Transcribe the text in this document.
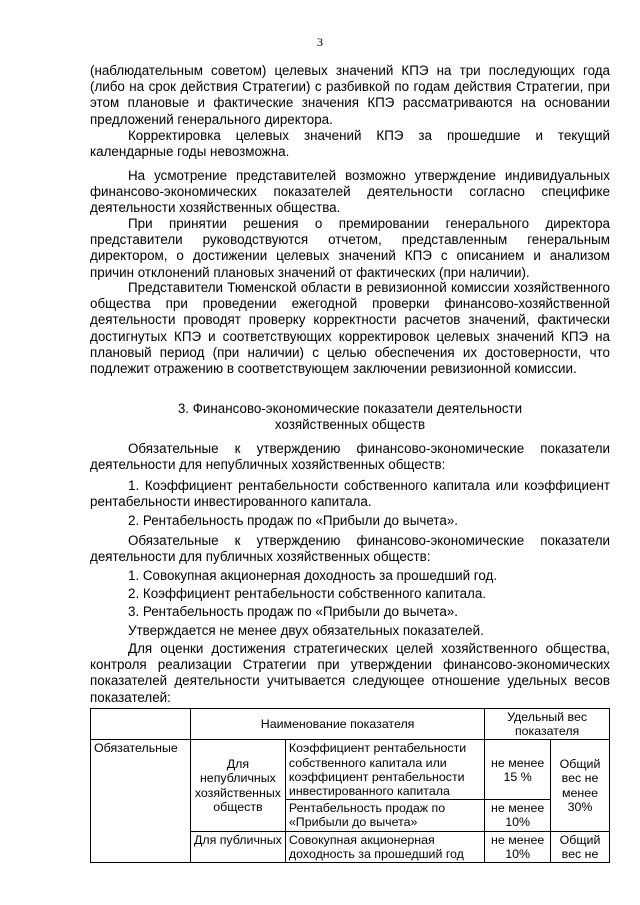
3
(наблюдательным советом) целевых значений КПЭ на три последующих года (либо на срок действия Стратегии) с разбивкой по годам действия Стратегии, при этом плановые и фактические значения КПЭ рассматриваются на основании предложений генерального директора.
Корректировка целевых значений КПЭ за прошедшие и текущий календарные годы невозможна.
На усмотрение представителей возможно утверждение индивидуальных финансово-экономических показателей деятельности согласно специфике деятельности хозяйственных общества.
При принятии решения о премировании генерального директора представители руководствуются отчетом, представленным генеральным директором, о достижении целевых значений КПЭ с описанием и анализом причин отклонений плановых значений от фактических (при наличии).
Представители Тюменской области в ревизионной комиссии хозяйственного общества при проведении ежегодной проверки финансово-хозяйственной деятельности проводят проверку корректности расчетов значений, фактически достигнутых КПЭ и соответствующих корректировок целевых значений КПЭ на плановый период (при наличии) с целью обеспечения их достоверности, что подлежит отражению в соответствующем заключении ревизионной комиссии.
3. Финансово-экономические показатели деятельности
хозяйственных обществ
Обязательные к утверждению финансово-экономические показатели деятельности для непубличных хозяйственных обществ:
1. Коэффициент рентабельности собственного капитала или коэффициент рентабельности инвестированного капитала.
2. Рентабельность продаж по «Прибыли до вычета».
Обязательные к утверждению финансово-экономические показатели деятельности для публичных хозяйственных обществ:
1. Совокупная акционерная доходность за прошедший год.
2. Коэффициент рентабельности собственного капитала.
3. Рентабельность продаж по «Прибыли до вычета».
Утверждается не менее двух обязательных показателей.
Для оценки достижения стратегических целей хозяйственного общества, контроля реализации Стратегии при утверждении финансово-экономических показателей деятельности учитывается следующее отношение удельных весов показателей:
	Наименование показателя		Удельный вес показателя	
Обязательные	Для непубличных хозяйственных обществ	Коэффициент рентабельности собственного капитала или коэффициент рентабельности инвестированного капитала	не менее 15 %	Общий вес не менее 30%
		Рентабельность продаж по «Прибыли до вычета»	не менее 10%	
	Для публичных	Совокупная акционерная доходность за прошедший год	не менее 10%	Общий вес не
